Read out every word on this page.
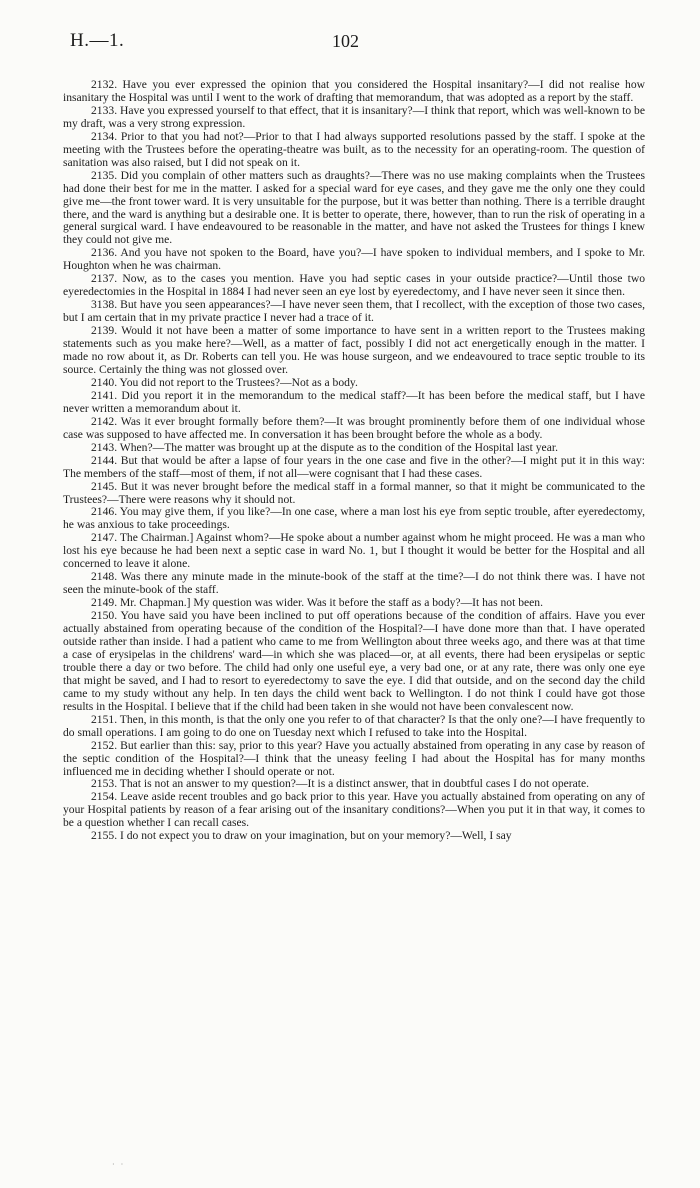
H.—1.	102

2132. Have you ever expressed the opinion that you considered the Hospital insanitary?—I did not realise how insanitary the Hospital was until I went to the work of drafting that memorandum, that was adopted as a report by the staff.

2133. Have you expressed yourself to that effect, that it is insanitary?—I think that report, which was well-known to be my draft, was a very strong expression.

2134. Prior to that you had not?—Prior to that I had always supported resolutions passed by the staff. I spoke at the meeting with the Trustees before the operating-theatre was built, as to the necessity for an operating-room. The question of sanitation was also raised, but I did not speak on it.

2135. Did you complain of other matters such as draughts?—There was no use making complaints when the Trustees had done their best for me in the matter. I asked for a special ward for eye cases, and they gave me the only one they could give me—the front tower ward. It is very unsuitable for the purpose, but it was better than nothing. There is a terrible draught there, and the ward is anything but a desirable one. It is better to operate, there, however, than to run the risk of operating in a general surgical ward. I have endeavoured to be reasonable in the matter, and have not asked the Trustees for things I knew they could not give me.

2136. And you have not spoken to the Board, have you?—I have spoken to individual members, and I spoke to Mr. Houghton when he was chairman.

2137. Now, as to the cases you mention. Have you had septic cases in your outside practice?—Until those two eyeredectomies in the Hospital in 1884 I had never seen an eye lost by eyeredectomy, and I have never seen it since then.

3138. But have you seen appearances?—I have never seen them, that I recollect, with the exception of those two cases, but I am certain that in my private practice I never had a trace of it.

2139. Would it not have been a matter of some importance to have sent in a written report to the Trustees making statements such as you make here?—Well, as a matter of fact, possibly I did not act energetically enough in the matter. I made no row about it, as Dr. Roberts can tell you. He was house surgeon, and we endeavoured to trace septic trouble to its source. Certainly the thing was not glossed over.

2140. You did not report to the Trustees?—Not as a body.

2141. Did you report it in the memorandum to the medical staff?—It has been before the medical staff, but I have never written a memorandum about it.

2142. Was it ever brought formally before them?—It was brought prominently before them of one individual whose case was supposed to have affected me. In conversation it has been brought before the whole as a body.

2143. When?—The matter was brought up at the dispute as to the condition of the Hospital last year.

2144. But that would be after a lapse of four years in the one case and five in the other?—I might put it in this way: The members of the staff—most of them, if not all—were cognisant that I had these cases.

2145. But it was never brought before the medical staff in a formal manner, so that it might be communicated to the Trustees?—There were reasons why it should not.

2146. You may give them, if you like?—In one case, where a man lost his eye from septic trouble, after eyeredectomy, he was anxious to take proceedings.

2147. The Chairman.] Against whom?—He spoke about a number against whom he might proceed. He was a man who lost his eye because he had been next a septic case in ward No. 1, but I thought it would be better for the Hospital and all concerned to leave it alone.

2148. Was there any minute made in the minute-book of the staff at the time?—I do not think there was. I have not seen the minute-book of the staff.

2149. Mr. Chapman.] My question was wider. Was it before the staff as a body?—It has not been.

2150. You have said you have been inclined to put off operations because of the condition of affairs. Have you ever actually abstained from operating because of the condition of the Hospital?—I have done more than that. I have operated outside rather than inside. I had a patient who came to me from Wellington about three weeks ago, and there was at that time a case of erysipelas in the childrens' ward—in which she was placed—or, at all events, there had been erysipelas or septic trouble there a day or two before. The child had only one useful eye, a very bad one, or at any rate, there was only one eye that might be saved, and I had to resort to eyeredectomy to save the eye. I did that outside, and on the second day the child came to my study without any help. In ten days the child went back to Wellington. I do not think I could have got those results in the Hospital. I believe that if the child had been taken in she would not have been convalescent now.

2151. Then, in this month, is that the only one you refer to of that character? Is that the only one?—I have frequently to do small operations. I am going to do one on Tuesday next which I refused to take into the Hospital.

2152. But earlier than this: say, prior to this year? Have you actually abstained from operating in any case by reason of the septic condition of the Hospital?—I think that the uneasy feeling I had about the Hospital has for many months influenced me in deciding whether I should operate or not.

2153. That is not an answer to my question?—It is a distinct answer, that in doubtful cases I do not operate.

2154. Leave aside recent troubles and go back prior to this year. Have you actually abstained from operating on any of your Hospital patients by reason of a fear arising out of the insanitary conditions?—When you put it in that way, it comes to be a question whether I can recall cases.

2155. I do not expect you to draw on your imagination, but on your memory?—Well, I say

· ·
